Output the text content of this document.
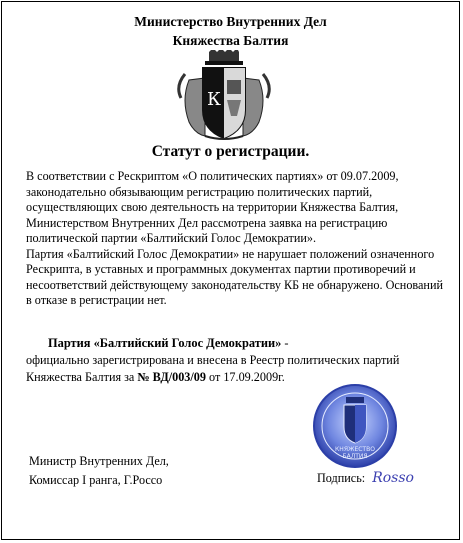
Министерство Внутренних Дел
Княжества Балтия
К
Статут о регистрации.

В соответствии с Рескриптом «О политических партиях» от 09.07.2009, законодательно обязывающим регистрацию политических партий, осуществляющих свою деятельность на территории Княжества Балтия, Министерством Внутренних Дел рассмотрена заявка на регистрацию политической партии «Балтийский Голос Демократии».

Партия «Балтийский Голос Демократии» не нарушает положений означенного Рескрипта, в уставных и программных документах партии противоречий и несоответствий действующему законодательству КБ не обнаружено. Оснований в отказе в регистрации нет.

Партия «Балтийский Голос Демократии» -
официально зарегистрирована и внесена в Реестр политических партий Княжества Балтия за № ВД/003/09 от 17.09.2009г.
КНЯЖЕСТВО
БАЛТИЯ
Министр Внутренних Дел,
Комиссар I ранга, Г.Россо	Подпись: Rosso
